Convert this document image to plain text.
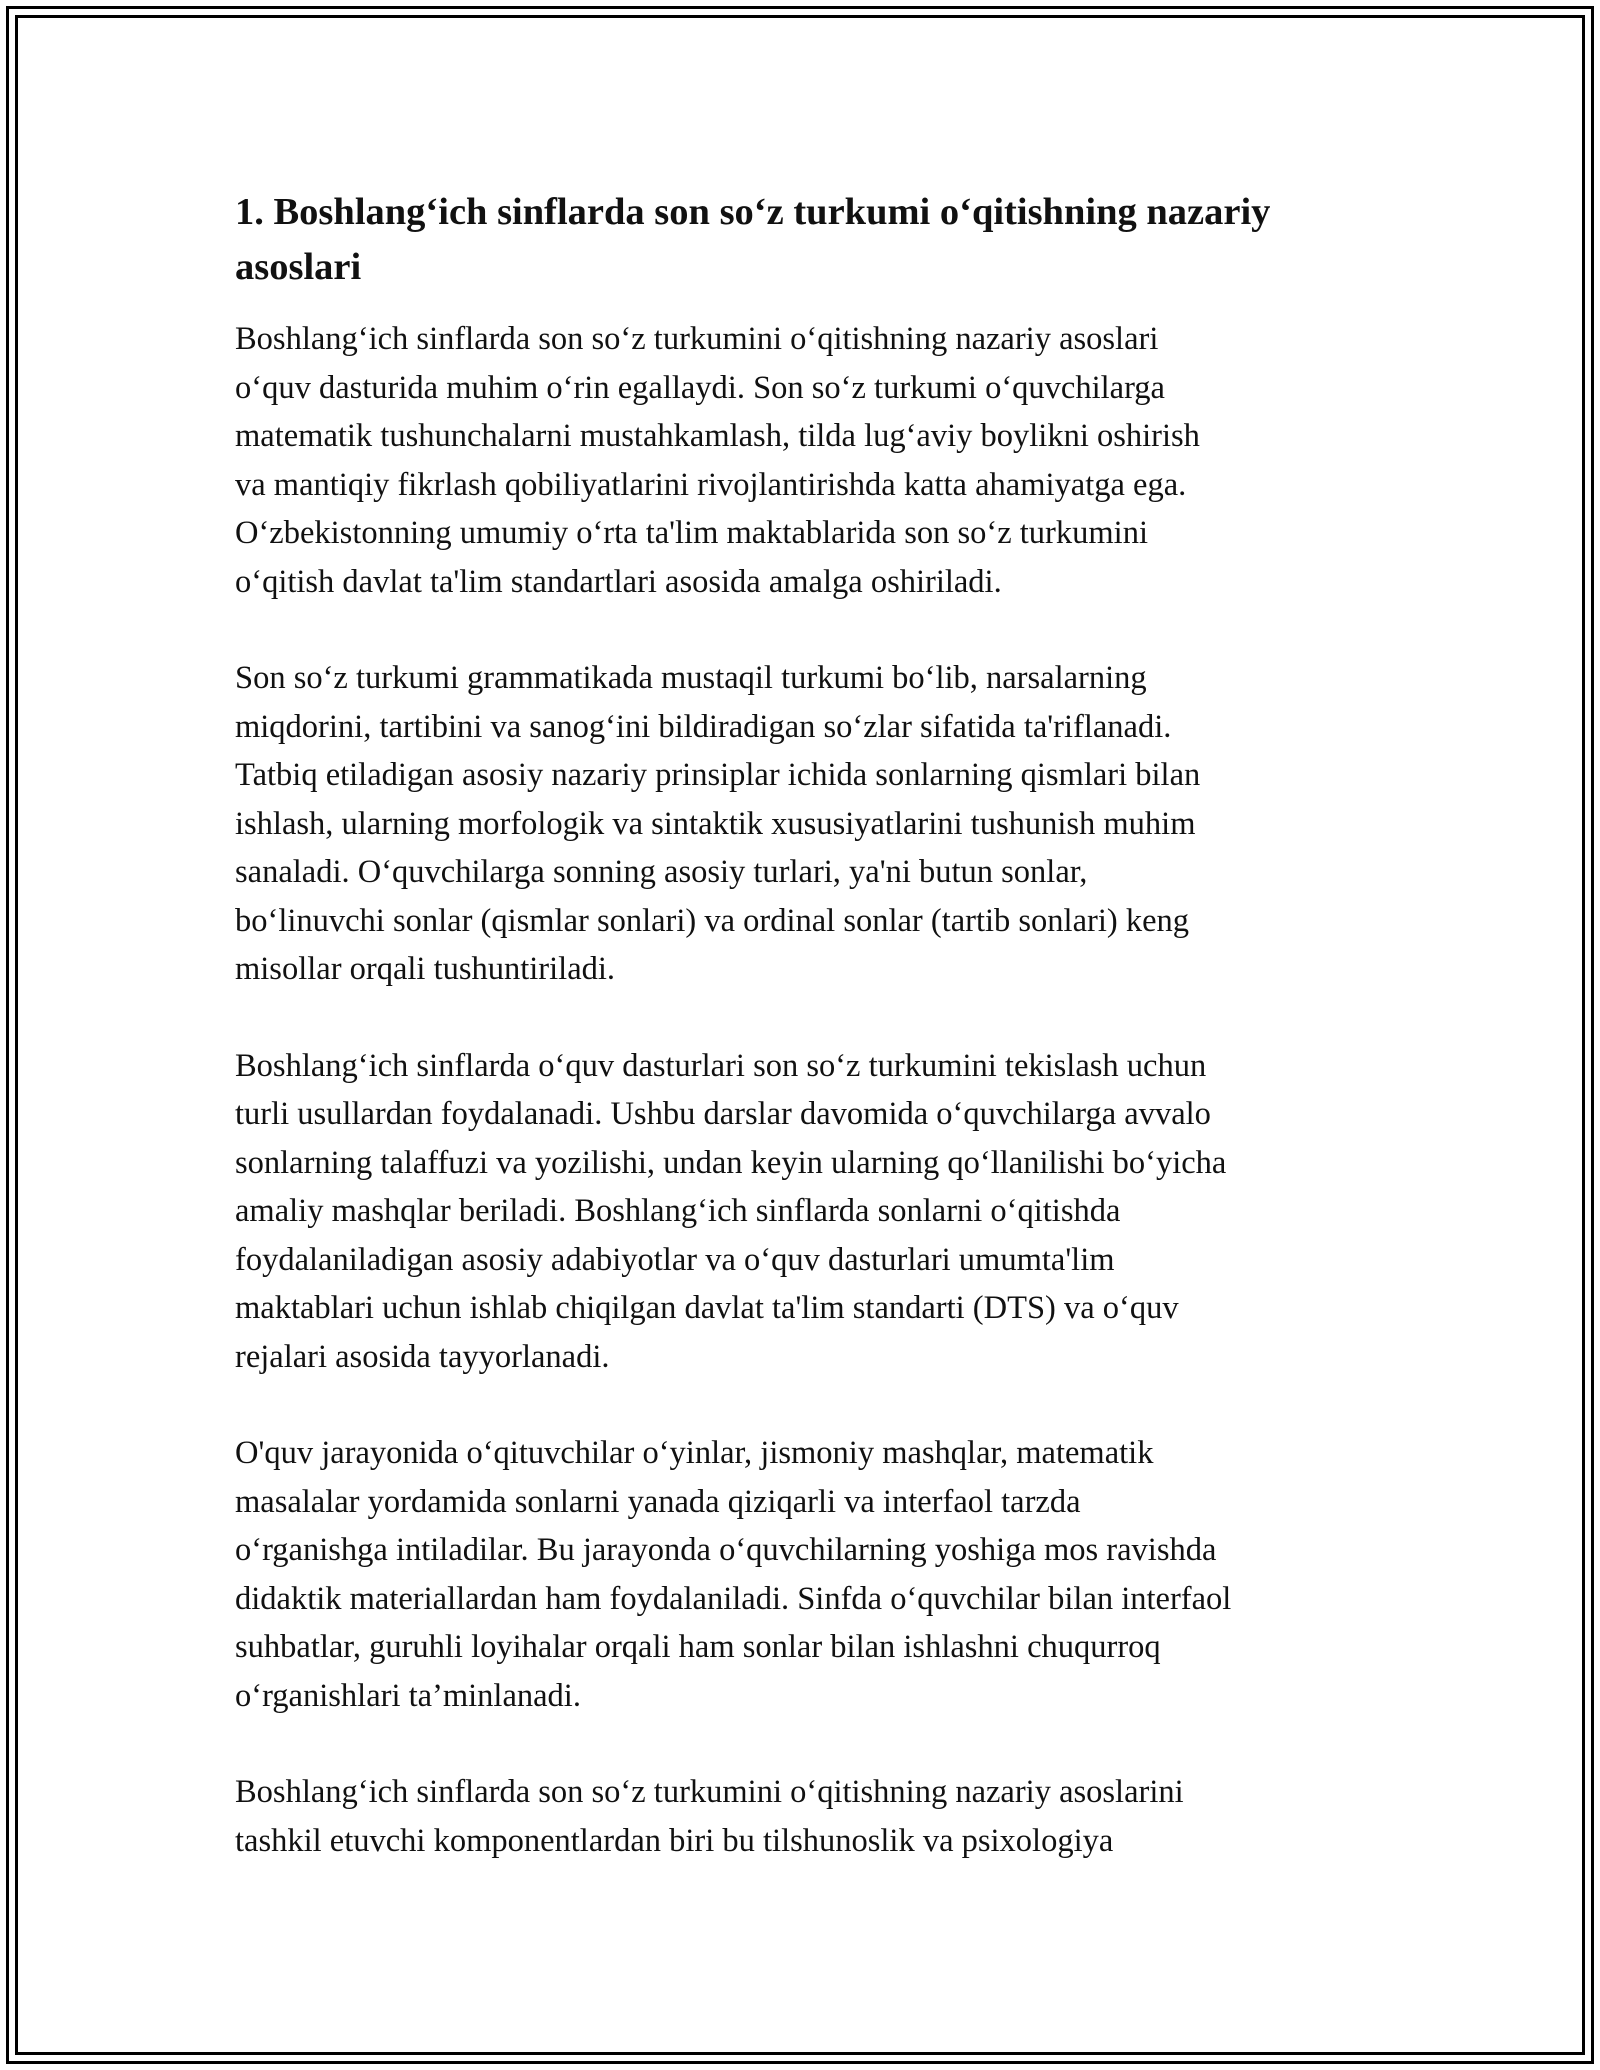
1. Boshlang‘ich sinflarda son so‘z turkumi o‘qitishning nazariy
asoslari
Boshlang‘ich sinflarda son so‘z turkumini o‘qitishning nazariy asoslari
o‘quv dasturida muhim o‘rin egallaydi. Son so‘z turkumi o‘quvchilarga
matematik tushunchalarni mustahkamlash, tilda lug‘aviy boylikni oshirish
va mantiqiy fikrlash qobiliyatlarini rivojlantirishda katta ahamiyatga ega.
O‘zbekistonning umumiy o‘rta ta'lim maktablarida son so‘z turkumini
o‘qitish davlat ta'lim standartlari asosida amalga oshiriladi.
Son so‘z turkumi grammatikada mustaqil turkumi bo‘lib, narsalarning
miqdorini, tartibini va sanog‘ini bildiradigan so‘zlar sifatida ta'riflanadi.
Tatbiq etiladigan asosiy nazariy prinsiplar ichida sonlarning qismlari bilan
ishlash, ularning morfologik va sintaktik xususiyatlarini tushunish muhim
sanaladi. O‘quvchilarga sonning asosiy turlari, ya'ni butun sonlar,
bo‘linuvchi sonlar (qismlar sonlari) va ordinal sonlar (tartib sonlari) keng
misollar orqali tushuntiriladi.
Boshlang‘ich sinflarda o‘quv dasturlari son so‘z turkumini tekislash uchun
turli usullardan foydalanadi. Ushbu darslar davomida o‘quvchilarga avvalo
sonlarning talaffuzi va yozilishi, undan keyin ularning qo‘llanilishi bo‘yicha
amaliy mashqlar beriladi. Boshlang‘ich sinflarda sonlarni o‘qitishda
foydalaniladigan asosiy adabiyotlar va o‘quv dasturlari umumta'lim
maktablari uchun ishlab chiqilgan davlat ta'lim standarti (DTS) va o‘quv
rejalari asosida tayyorlanadi.
O'quv jarayonida o‘qituvchilar o‘yinlar, jismoniy mashqlar, matematik
masalalar yordamida sonlarni yanada qiziqarli va interfaol tarzda
o‘rganishga intiladilar. Bu jarayonda o‘quvchilarning yoshiga mos ravishda
didaktik materiallardan ham foydalaniladi. Sinfda o‘quvchilar bilan interfaol
suhbatlar, guruhli loyihalar orqali ham sonlar bilan ishlashni chuqurroq
o‘rganishlari ta’minlanadi.
Boshlang‘ich sinflarda son so‘z turkumini o‘qitishning nazariy asoslarini
tashkil etuvchi komponentlardan biri bu tilshunoslik va psixologiya
